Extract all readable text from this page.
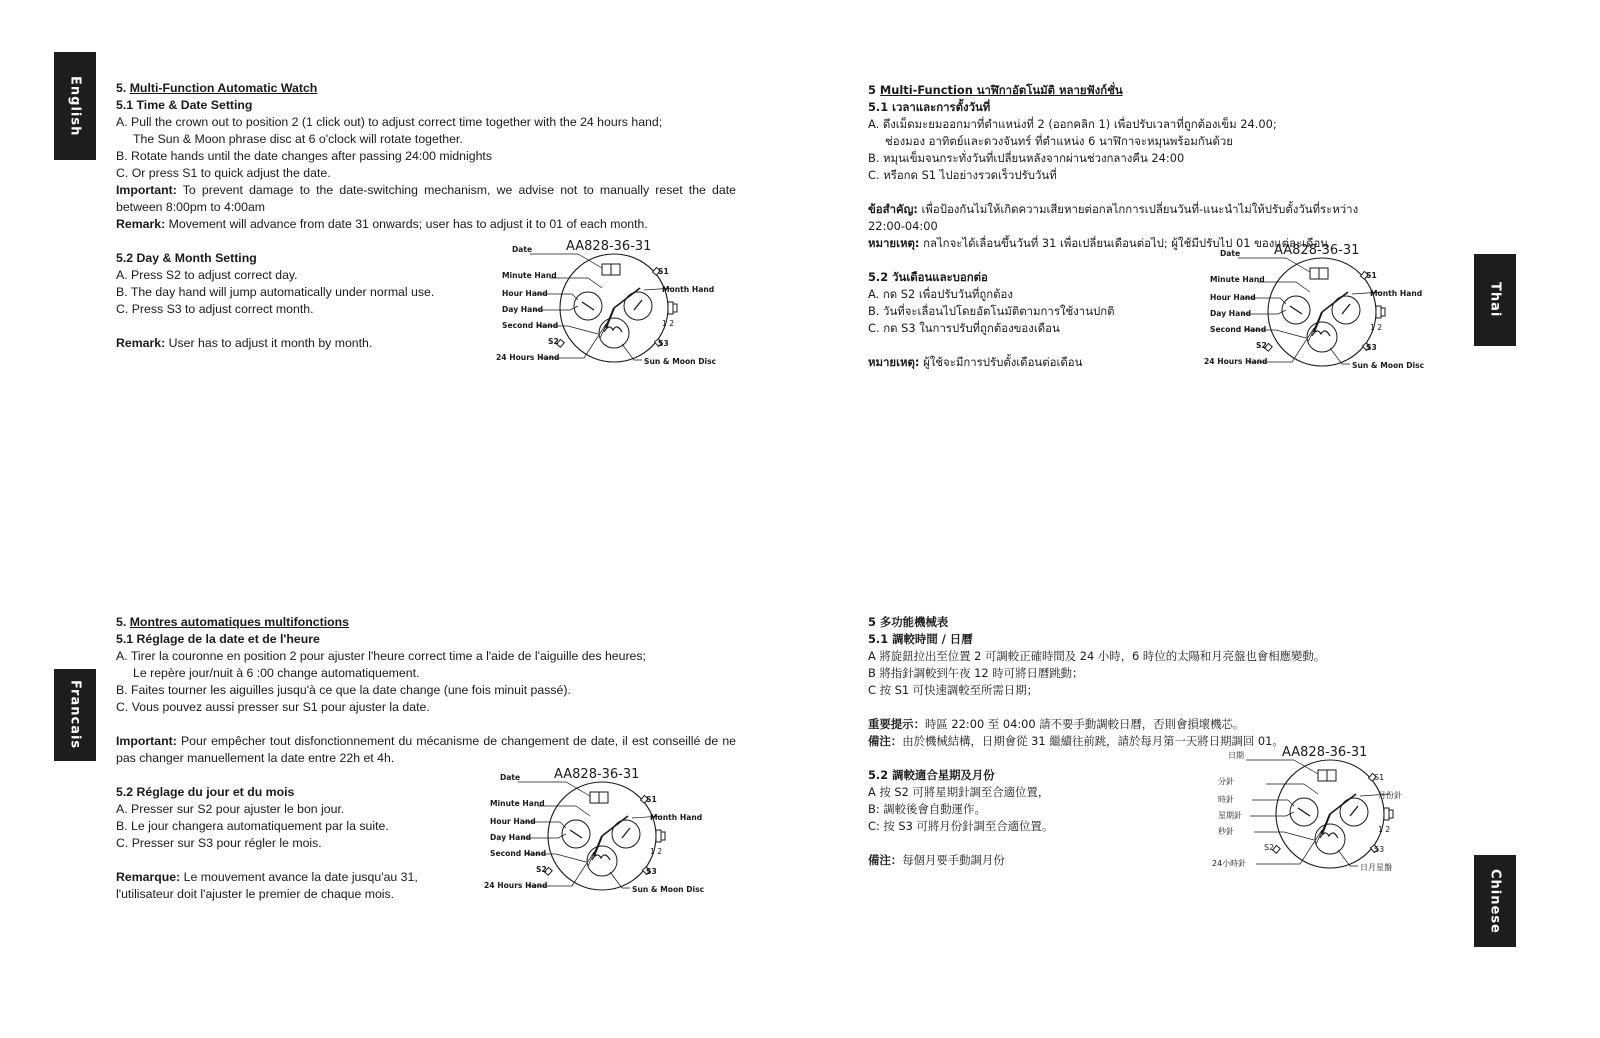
English
Thai
Francais
Chinese
5. Multi-Function Automatic Watch
5.1 Time & Date Setting
A. Pull the crown out to position 2 (1 click out) to adjust correct time together with the 24 hours hand;
The Sun & Moon phrase disc at 6 o'clock will rotate together.
B. Rotate hands until the date changes after passing 24:00 midnights
C. Or press S1 to quick adjust the date.
Important: To prevent damage to the date-switching mechanism, we advise not to manually reset the date between 8:00pm to 4:00am
Remark: Movement will advance from date 31 onwards; user has to adjust it to 01 of each month.
5.2 Day & Month Setting
A. Press S2 to adjust correct day.
B. The day hand will jump automatically under normal use.
C. Press S3 to adjust correct month.
Remark: User has to adjust it month by month.
5 Multi-Function นาฬิกาอัตโนมัติ หลายฟังก์ชั่น
5.1 เวลาและการตั้งวันที่
A. ดึงเม็ดมะยมออกมาที่ตำแหน่งที่ 2 (ออกคลิก 1) เพื่อปรับเวลาที่ถูกต้องเข็ม 24.00;
ช่องมอง อาทิตย์และดวงจันทร์ ที่ตำแหน่ง 6 นาฬิกาจะหมุนพร้อมกันด้วย
B. หมุนเข็มจนกระทั่งวันที่เปลี่ยนหลังจากผ่านช่วงกลางคืน 24:00
C. หรือกด S1 ไปอย่างรวดเร็วปรับวันที่
ข้อสำคัญ: เพื่อป้องกันไม่ให้เกิดความเสียหายต่อกลไกการเปลี่ยนวันที่-แนะนำไม่ให้ปรับตั้งวันที่ระหว่าง
22:00-04:00
หมายเหตุ: กลไกจะได้เลื่อนขึ้นวันที่ 31 เพื่อเปลี่ยนเดือนต่อไป; ผู้ใช้มีปรับไป 01 ของแต่ละเดือน
5.2 วันเดือนและบอกต่อ
A. กด S2 เพื่อปรับวันที่ถูกต้อง
B. วันที่จะเลื่อนไปโดยอัตโนมัติตามการใช้งานปกติ
C. กด S3 ในการปรับที่ถูกต้องของเดือน
หมายเหตุ: ผู้ใช้จะมีการปรับตั้งเดือนต่อเดือน
5. Montres automatiques multifonctions
5.1 Réglage de la date et de l'heure
A. Tirer la couronne en position 2 pour ajuster l'heure correct time a l'aide de l'aiguille des heures;
Le repère jour/nuit à 6 :00 change automatiquement.
B. Faites tourner les aiguilles jusqu'à ce que la date change (une fois minuit passé).
C. Vous pouvez aussi presser sur S1 pour ajuster la date.
Important: Pour empêcher tout disfonctionnement du mécanisme de changement de date, il est conseillé de ne pas changer manuellement la date entre 22h et 4h.
5.2 Réglage du jour et du mois
A. Presser sur S2 pour ajuster le bon jour.
B. Le jour changera automatiquement par la suite.
C. Presser sur S3 pour régler le mois.
Remarque: Le mouvement avance la date jusqu'au 31,
l'utilisateur doit l'ajuster le premier de chaque mois.
5 多功能機械表
5.1 調較時間 / 日曆
A 將旋鈕拉出至位置 2 可調較正確時間及 24 小時，6 時位的太陽和月亮盤也會相應變動。
B 將指針調較到午夜 12 時可將日曆跳動；
C 按 S1 可快速調較至所需日期；
重要提示：時區 22:00 至 04:00 請不要手動調較日曆，否則會損壞機芯。
備注：由於機械結構，日期會從 31 繼續往前跳，請於每月第一天將日期調回 01。
5.2 調較適合星期及月份
A 按 S2 可將星期針調至合適位置，
B: 調較後會自動運作。
C: 按 S3 可將月份針調至合適位置。
備注：每個月要手動調月份
AA828-36-31
Date
Minute Hand
Hour Hand
Day Hand
Second Hand
S2
24 Hours Hand
S1
Month Hand
1 2
S3
Sun & Moon Disc
AA828-36-31
Date
Minute Hand
Hour Hand
Day Hand
Second Hand
S2
24 Hours Hand
S1
Month Hand
1 2
S3
Sun & Moon Disc
AA828-36-31
Date
Minute Hand
Hour Hand
Day Hand
Second Hand
S2
24 Hours Hand
S1
Month Hand
1 2
S3
Sun & Moon Disc
AA828-36-31
日期
分針
時針
星期針
秒針
S2
24小時針
S1
月份針
1 2
S3
日月星盤
